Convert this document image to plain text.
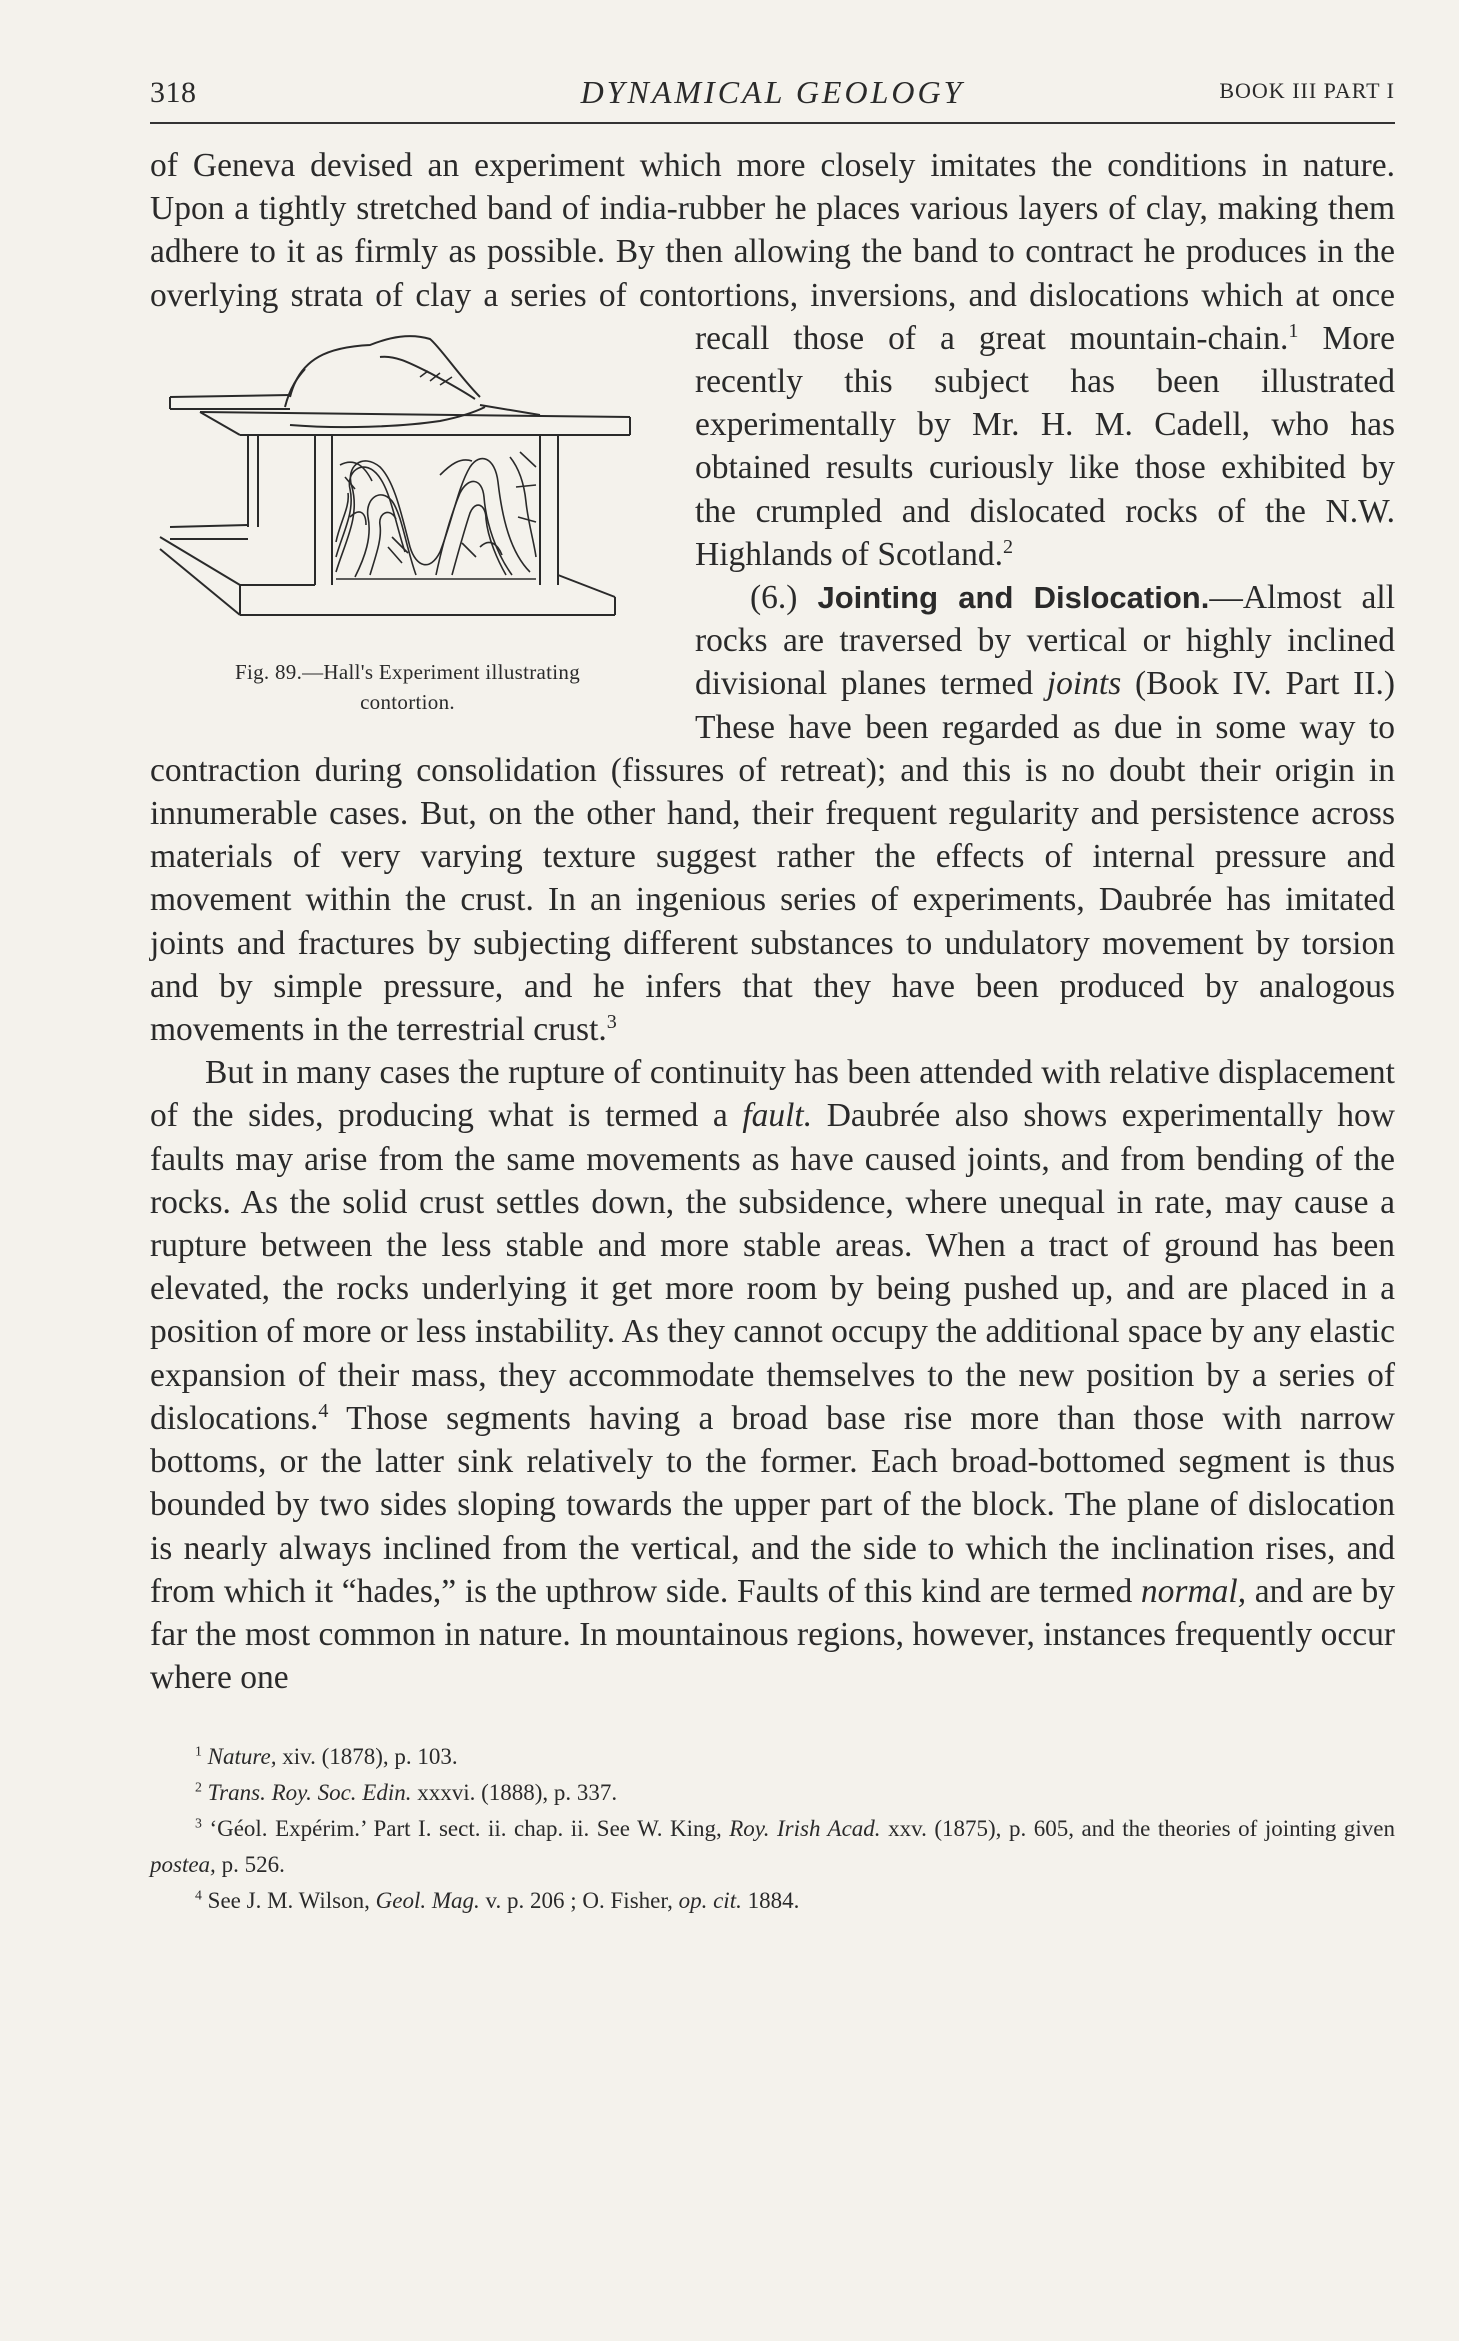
318	DYNAMICAL GEOLOGY	BOOK III PART I

of Geneva devised an experiment which more closely imitates the conditions in nature. Upon a tightly stretched band of india-rubber he places various layers of clay, making them adhere to it as firmly as possible. By then allowing the band to contract he produces in the overlying strata of clay a series of contortions, inversions, and dislocations which at once recall those of a great mountain-chain.$^1$
Fig. 89.—Hall's Experiment illustrating
contortion.
More recently this subject has been illustrated experimentally by Mr. H. M. Cadell, who has obtained results curiously like those exhibited by the crumpled and dislocated rocks of the N.W. Highlands of Scotland.$^2$

(6.) Jointing and Dislocation.—Almost all rocks are traversed by vertical or highly inclined divisional planes termed joints (Book IV. Part II.) These have been regarded as due in some way to contraction during consolidation (fissures of retreat); and this is no doubt their origin in innumerable cases. But, on the other hand, their frequent regularity and persistence across materials of very varying texture suggest rather the effects of internal pressure and movement within the crust. In an ingenious series of experiments, Daubrée has imitated joints and fractures by subjecting different substances to undulatory movement by torsion and by simple pressure, and he infers that they have been produced by analogous movements in the terrestrial crust.$^3$

But in many cases the rupture of continuity has been attended with relative displacement of the sides, producing what is termed a fault. Daubrée also shows experimentally how faults may arise from the same movements as have caused joints, and from bending of the rocks. As the solid crust settles down, the subsidence, where unequal in rate, may cause a rupture between the less stable and more stable areas. When a tract of ground has been elevated, the rocks underlying it get more room by being pushed up, and are placed in a position of more or less instability. As they cannot occupy the additional space by any elastic expansion of their mass, they accommodate themselves to the new position by a series of dislocations.$^4$ Those segments having a broad base rise more than those with narrow bottoms, or the latter sink relatively to the former. Each broad-bottomed segment is thus bounded by two sides sloping towards the upper part of the block. The plane of dislocation is nearly always inclined from the vertical, and the side to which the inclination rises, and from which it “hades,” is the upthrow side. Faults of this kind are termed normal, and are by far the most common in nature. In mountainous regions, however, instances frequently occur where one

$^1$ Nature, xiv. (1878), p. 103.

$^2$ Trans. Roy. Soc. Edin. xxxvi. (1888), p. 337.

$^3$ ‘Géol. Expérim.’ Part I. sect. ii. chap. ii. See W. King, Roy. Irish Acad. xxv. (1875), p. 605, and the theories of jointing given postea, p. 526.

$^4$ See J. M. Wilson, Geol. Mag. v. p. 206 ; O. Fisher, op. cit. 1884.
